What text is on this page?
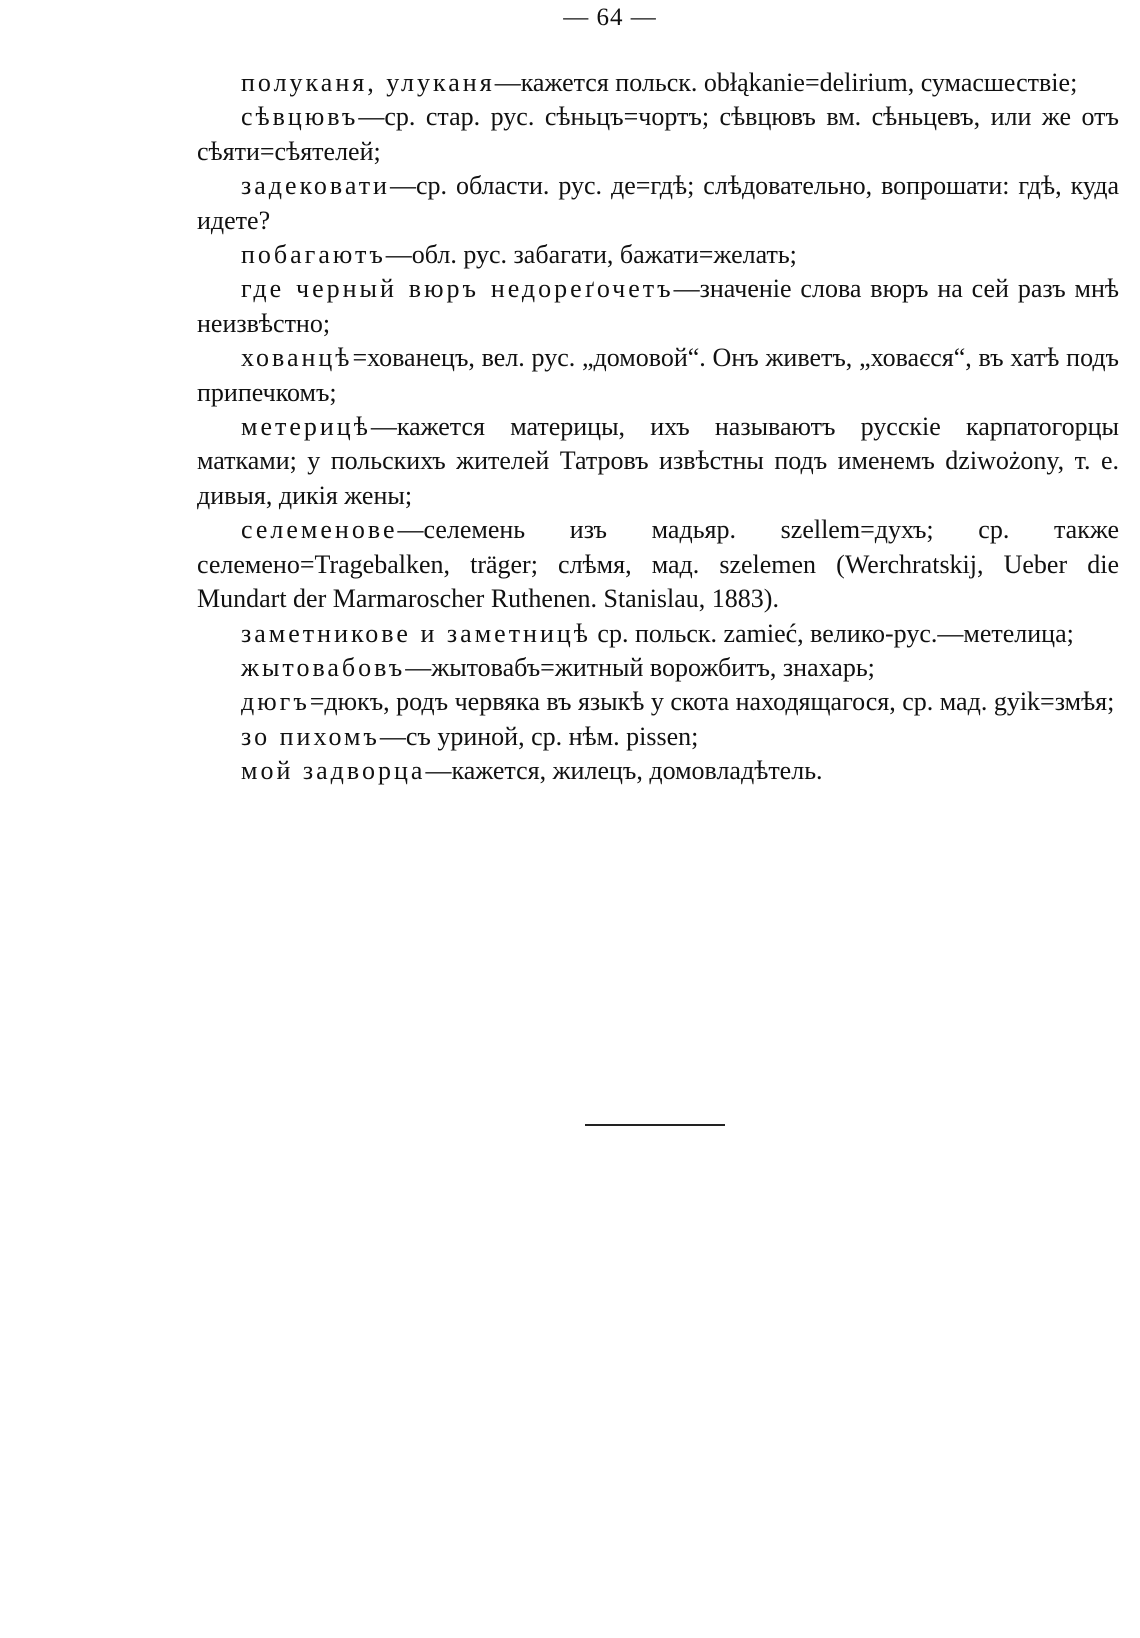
— 64 —

полуканя, улуканя—кажется польск. obłąkanie=delirium, сумасшествіе;

сѣвцювъ—ср. стар. рус. сѣньцъ=чортъ; сѣвцювъ вм. сѣньцевъ, или же отъ сѣяти=сѣятелей;

задековати—ср. области. рус. де=гдѣ; слѣдовательно, вопрошати: гдѣ, куда идете?

побагаютъ—обл. рус. забагати, бажати=желать;

где черный вюръ недореґочетъ—значеніе слова вюръ на сей разъ мнѣ неизвѣстно;

хованцѣ=хованецъ, вел. рус. „домовой“. Онъ живетъ, „ховаєся“, въ хатѣ подъ припечкомъ;

метерицѣ—кажется материцы, ихъ называютъ русскіе карпатогорцы матками; у польскихъ жителей Татровъ извѣстны подъ именемъ dziwożony, т. е. дивыя, дикія жены;

селеменове—селемень изъ мадьяр. szellem=духъ; ср. также селемено=Tragebalken, träger; слѣмя, мад. szelemen (Werchratskij, Ueber die Mundart der Marmaroscher Ruthenen. Stanislau, 1883).

заметникове и заметницѣ ср. польск. zamieć, велико-рус.—метелица;

жытовабовъ—жытовабъ=житный ворожбитъ, знахарь;

дюгъ=дюкъ, родъ червяка въ языкѣ у скота находящагося, ср. мад. gyik=змѣя;

зо пихомъ—съ уриной, ср. нѣм. pissen;

мой задворца—кажется, жилецъ, домовладѣтель.
